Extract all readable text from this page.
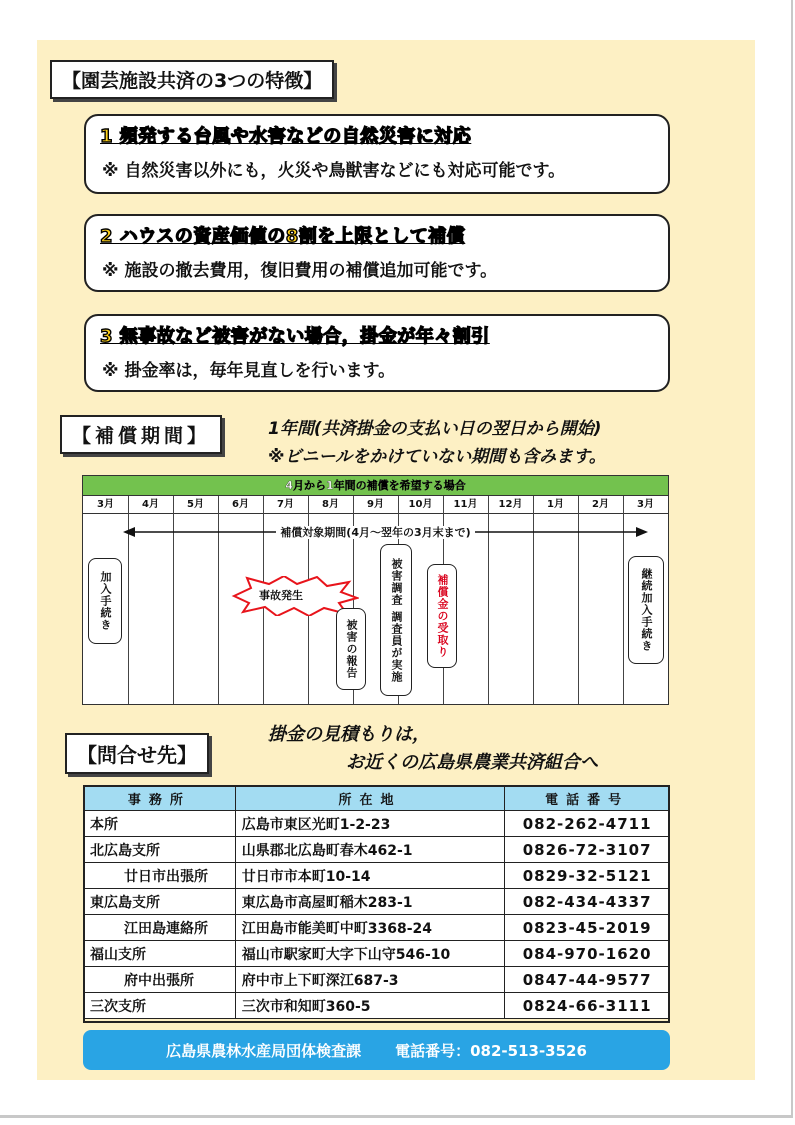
【園芸施設共済の3つの特徴】
1 頻発する台風や水害などの自然災害に対応
※ 自然災害以外にも，火災や鳥獣害などにも対応可能です。
2 ハウスの資産価値の8割を上限として補償
※ 施設の撤去費用，復旧費用の補償追加可能です。
3 無事故など被害がない場合，掛金が年々割引
※ 掛金率は，毎年見直しを行います。
【補償期間】	1年間(共済掛金の支払い日の翌日から開始)
※ビニールをかけていない期間も含みます。
4月から1年間の補償を希望する場合
3月	4月	5月	6月	7月	8月	9月	10月	11月	12月	1月	2月	3月
補償対象期間(4月～翌年の3月末まで)
加入手続き	事故発生
被害の報告	被害調査 調査員が実施	補償金の受取り	継続加入手続き
【問合せ先】
掛金の見積もりは，
お近くの広島県農業共済組合へ
事務所	所在地	電話番号
本所	広島市東区光町1-2-23	082-262-4711
北広島支所	山県郡北広島町春木462-1	0826-72-3107
廿日市出張所	廿日市市本町10-14	0829-32-5121
東広島支所	東広島市高屋町稲木283-1	082-434-4337
江田島連絡所	江田島市能美町中町3368-24	0823-45-2019
福山支所	福山市駅家町大字下山守546-10	084-970-1620
府中出張所	府中市上下町深江687-3	0847-44-9577
三次支所	三次市和知町360-5	0824-66-3111
広島県農林水産局団体検査課 電話番号：082-513-3526
